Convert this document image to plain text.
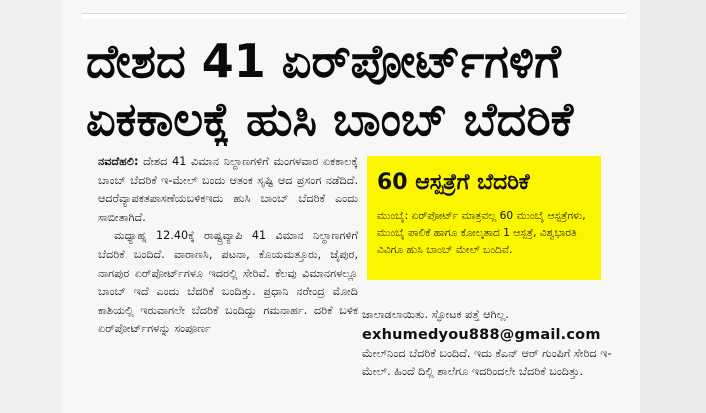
ದೇಶದ 41 ಏರ್‌ಪೋರ್ಟ್‌ಗಳಿಗೆ
ಏಕಕಾಲಕ್ಕೆ ಹುಸಿ ಬಾಂಬ್ ಬೆದರಿಕೆ

ನವದೆಹಲಿ: ದೇಶದ 41 ವಿಮಾನ ನಿಲ್ದಾಣಗಳಿಗೆ ಮಂಗಳವಾರ ಏಕಕಾಲಕ್ಕೆ ಬಾಂಬ್ ಬೆದರಿಕೆ ಇ-ಮೇಲ್ ಬಂದು ಆತಂಕ ಸೃಷ್ಟಿ ಆದ ಪ್ರಸಂಗ ನಡೆದಿದೆ. ಆದರೆವ್ಯಾಪಕತಪಾಸಣೆಯಬಳಿಕಇದು ಹುಸಿ ಬಾಂಬ್ ಬೆದರಿಕೆ ಎಂದು ಸಾಬೀತಾಗಿದೆ.

ಮಧ್ಯಾಹ್ನ 12.40ಕ್ಕೆ ರಾಷ್ಟ್ರವ್ಯಾಪಿ 41 ವಿಮಾನ ನಿಲ್ದಾಣಗಳಿಗೆ ಬೆದರಿಕೆ ಬಂದಿದೆ. ವಾರಾಣಸಿ, ಪಟನಾ, ಕೊಯಮತ್ತೂರು, ಜೈಪುರ, ನಾಗಪುರ ಏರ್‌ಪೋರ್ಟ್‌ಗಳೂ ಇದರಲ್ಲಿ ಸೇರಿವೆ. ಕೆಲವು ವಿಮಾನಗಳಲ್ಲೂ ಬಾಂಬ್ ಇದೆ ಎಂದು ಬೆದರಿಕೆ ಬಂದಿತ್ತು. ಪ್ರಧಾನಿ ನರೇಂದ್ರ ಮೋದಿ ಕಾಶಿಯಲ್ಲಿ ಇರುವಾಗಲೇ ಬೆದರಿಕೆ ಬಂದಿದ್ದು ಗಮನಾರ್ಹ. ದರಿಕೆ ಬಳಿಕ ಏರ್‌ಪೋರ್ಟ್‌ಗಳನ್ನು ಸಂಪೂರ್ಣ

60 ಆಸ್ಪತ್ರೆಗೆ ಬೆದರಿಕೆ

ಮುಂಬೈ: ಏರ್‌ಪೋರ್ಟ್ ಮಾತ್ರವಲ್ಲ 60 ಮುಂಬೈ ಆಸ್ಪತ್ರೆಗಳು, ಮುಂಬೈ ಪಾಲಿಕೆ ಹಾಗೂ ಕೋಲ್ಕತಾದ 1 ಆಸ್ಪತ್ರೆ, ವಿಶ್ವಭಾರತಿ ವಿವಿಗೂ ಹುಸಿ ಬಾಂಬ್ ಮೇಲ್ ಬಂದಿವೆ.

ಜಾಲಾಡಲಾಯಿತು. ಸ್ಫೋಟಕ ಪತ್ತೆ ಆಗಿಲ್ಲ.

exhumedyou888@gmail.com

ಮೇಲ್‌ನಿಂದ ಬೆದರಿಕೆ ಬಂದಿದೆ. ಇದು ಕೆಎನ್ ಆರ್ ಗುಂಪಿಗೆ ಸೇರಿದ ಇ-ಮೇಲ್. ಹಿಂದೆ ದಿಲ್ಲಿ ಶಾಲೆಗೂ ಇದರಿಂದಲೇ ಬೆದರಿಕೆ ಬಂದಿತ್ತು.
